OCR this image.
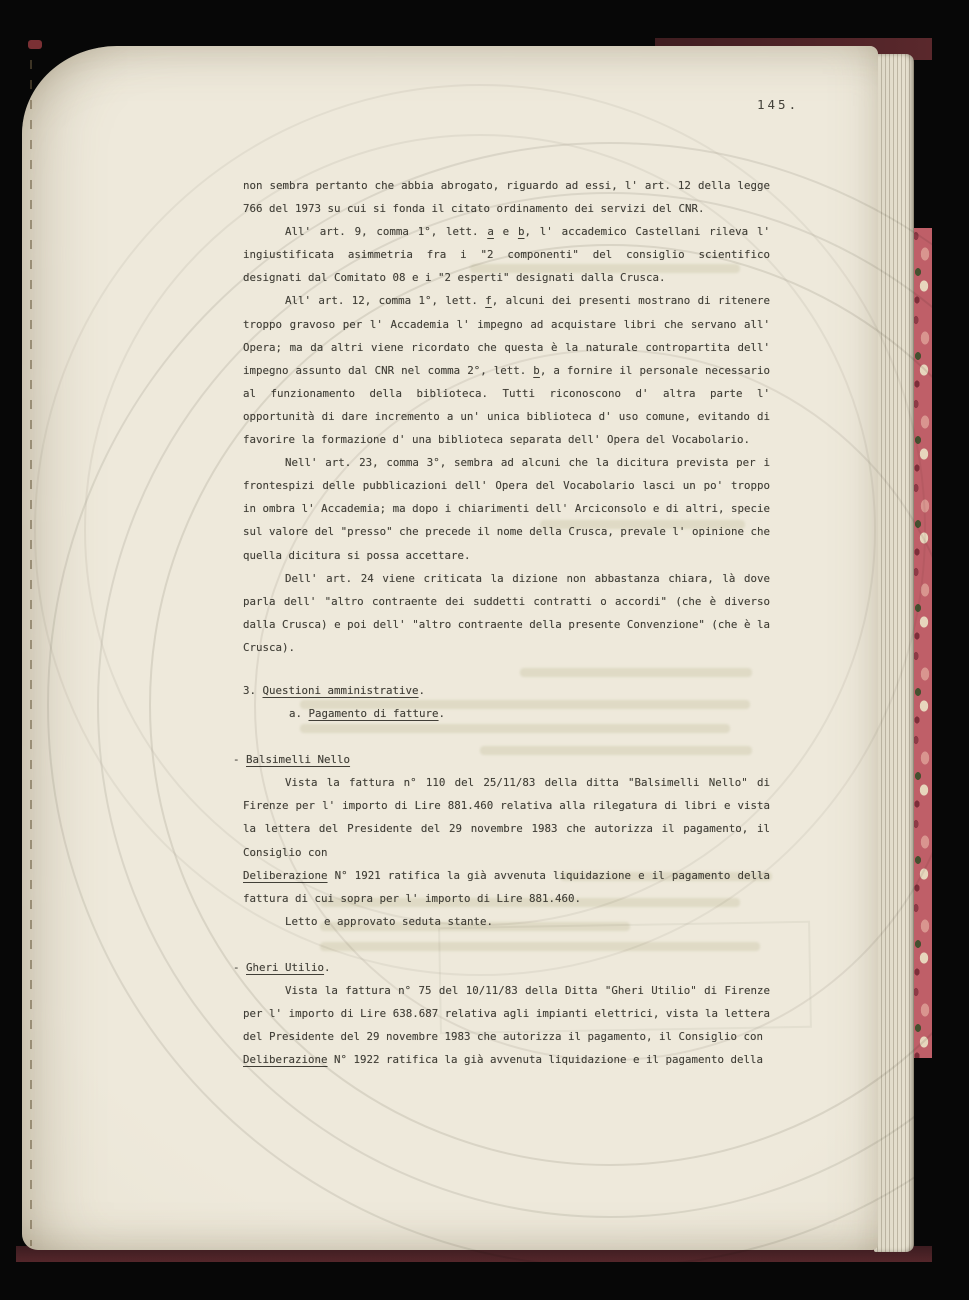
145.
non sembra pertanto che abbia abrogato, riguardo ad essi, l' art. 12 della legge 766 del 1973 su cui si fonda il citato ordinamento dei servizi del CNR.
All' art. 9, comma 1°, lett. a e b, l' accademico Castellani rileva l' ingiustificata asimmetria fra i "2 componenti" del consiglio scientifico designati dal Comitato 08 e i "2 esperti" designati dalla Crusca.
All' art. 12, comma 1°, lett. f, alcuni dei presenti mostrano di ritenere troppo gravoso per l' Accademia l' impegno ad acquistare libri che servano all' Opera; ma da altri viene ricordato che questa è la naturale contropartita dell' impegno assunto dal CNR nel comma 2°, lett. b, a fornire il personale necessario al funzionamento della biblioteca. Tutti riconoscono d' altra parte l' opportunità di dare incremento a un' unica biblioteca d' uso comune, evitando di favorire la formazione d' una biblioteca separata dell' Opera del Vocabolario.
Nell' art. 23, comma 3°, sembra ad alcuni che la dicitura prevista per i frontespizi delle pubblicazioni dell' Opera del Vocabolario lasci un po' troppo in ombra l' Accademia; ma dopo i chiarimenti dell' Arciconsolo e di altri, specie sul valore del "presso" che precede il nome della Crusca, prevale l' opinione che quella dicitura si possa accettare.
Dell' art. 24 viene criticata la dizione non abbastanza chiara, là dove parla dell' "altro contraente dei suddetti contratti o accordi" (che è diverso dalla Crusca) e poi dell' "altro contraente della presente Convenzione" (che è la Crusca).
3. Questioni amministrative.
a. Pagamento di fatture.
- Balsimelli Nello
Vista la fattura n° 110 del 25/11/83 della ditta "Balsimelli Nello" di Firenze per l' importo di Lire 881.460 relativa alla rilegatura di libri e vista la lettera del Presidente del 29 novembre 1983 che autorizza il pagamento, il Consiglio con
Deliberazione N° 1921 ratifica la già avvenuta liquidazione e il pagamento della fattura di cui sopra per l' importo di Lire 881.460.
Letto e approvato seduta stante.
- Gheri Utilio.
Vista la fattura n° 75 del 10/11/83 della Ditta "Gheri Utilio" di Firenze per l' importo di Lire 638.687 relativa agli impianti elettrici, vista la lettera del Presidente del 29 novembre 1983 che autorizza il pagamento, il Consiglio con
Deliberazione N° 1922 ratifica la già avvenuta liquidazione e il pagamento della
